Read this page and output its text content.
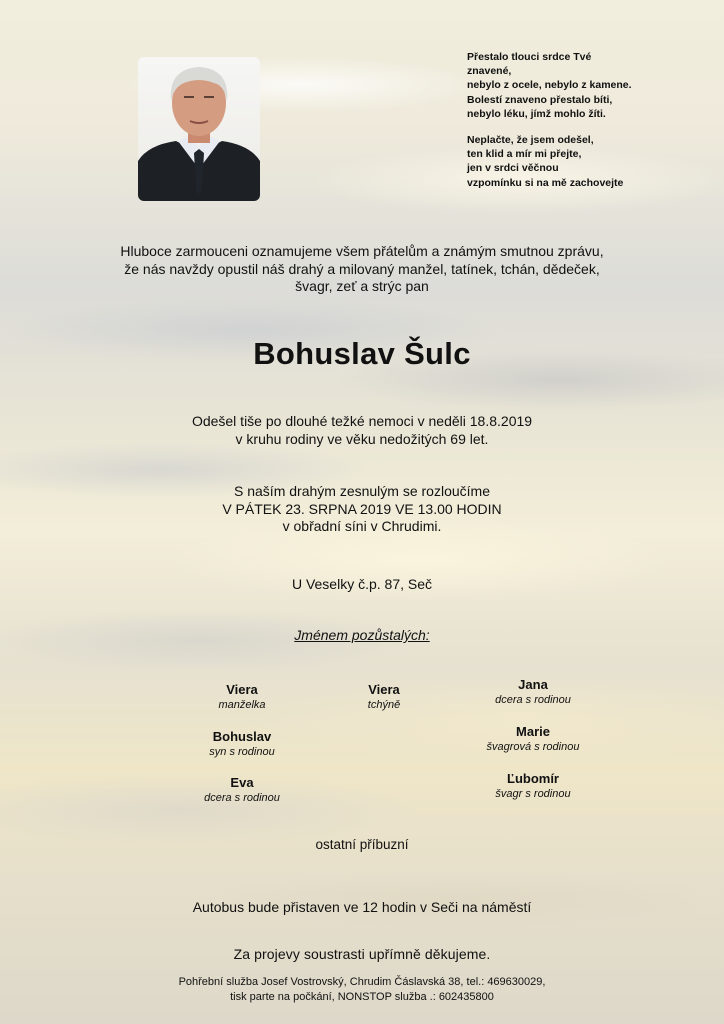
Přestalo tlouci srdce Tvé
znavené,
nebylo z ocele, nebylo z kamene.
Bolestí znaveno přestalo bíti,
nebylo léku, jímž mohlo žíti.

Neplačte, že jsem odešel,
ten klid a mír mi přejte,
jen v srdci věčnou
vzpomínku si na mě zachovejte

Hluboce zarmouceni oznamujeme všem přátelům a známým smutnou zprávu,
že nás navždy opustil náš drahý a milovaný manžel, tatínek, tchán, dědeček,
švagr, zeť a strýc pan
Bohuslav Šulc
Odešel tiše po dlouhé težké nemoci v neděli 18.8.2019
v kruhu rodiny ve věku nedožitých 69 let.
S naším drahým zesnulým se rozloučíme
V PÁTEK 23. SRPNA 2019 VE 13.00 HODIN
v obřadní síni v Chrudimi.
U Veselky č.p. 87, Seč
Jménem pozůstalých:
Viera
manželka
Viera
tchýně
Jana
dcera s rodinou
Bohuslav
syn s rodinou
Marie
švagrová s rodinou
Eva
dcera s rodinou
Ľubomír
švagr s rodinou
ostatní příbuzní
Autobus bude přistaven ve 12 hodin v Seči na náměstí
Za projevy soustrasti upřímně děkujeme.
Pohřební služba Josef Vostrovský, Chrudim Čáslavská 38, tel.: 469630029,
tisk parte na počkání, NONSTOP služba .: 602435800
